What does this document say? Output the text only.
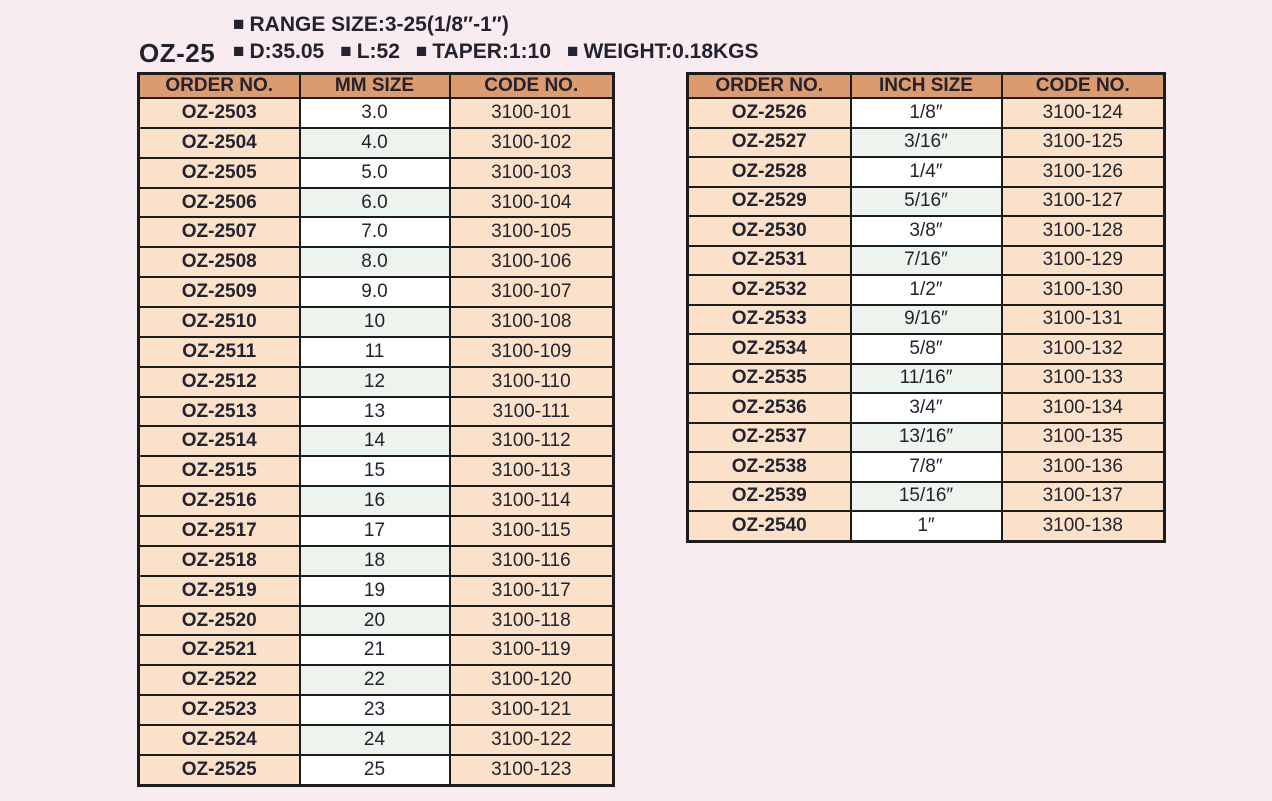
OZ-25
■ RANGE SIZE:3-25(1/8″-1″)
■ D:35.05 ■ L:52 ■ TAPER:1:10 ■ WEIGHT:0.18KGS
ORDER NO.	MM SIZE	CODE NO.
OZ-2503	3.0	3100-101
OZ-2504	4.0	3100-102
OZ-2505	5.0	3100-103
OZ-2506	6.0	3100-104
OZ-2507	7.0	3100-105
OZ-2508	8.0	3100-106
OZ-2509	9.0	3100-107
OZ-2510	10	3100-108
OZ-2511	11	3100-109
OZ-2512	12	3100-110
OZ-2513	13	3100-111
OZ-2514	14	3100-112
OZ-2515	15	3100-113
OZ-2516	16	3100-114
OZ-2517	17	3100-115
OZ-2518	18	3100-116
OZ-2519	19	3100-117
OZ-2520	20	3100-118
OZ-2521	21	3100-119
OZ-2522	22	3100-120
OZ-2523	23	3100-121
OZ-2524	24	3100-122
OZ-2525	25	3100-123
ORDER NO.	INCH SIZE	CODE NO.
OZ-2526	1/8″	3100-124
OZ-2527	3/16″	3100-125
OZ-2528	1/4″	3100-126
OZ-2529	5/16″	3100-127
OZ-2530	3/8″	3100-128
OZ-2531	7/16″	3100-129
OZ-2532	1/2″	3100-130
OZ-2533	9/16″	3100-131
OZ-2534	5/8″	3100-132
OZ-2535	11/16″	3100-133
OZ-2536	3/4″	3100-134
OZ-2537	13/16″	3100-135
OZ-2538	7/8″	3100-136
OZ-2539	15/16″	3100-137
OZ-2540	1″	3100-138
